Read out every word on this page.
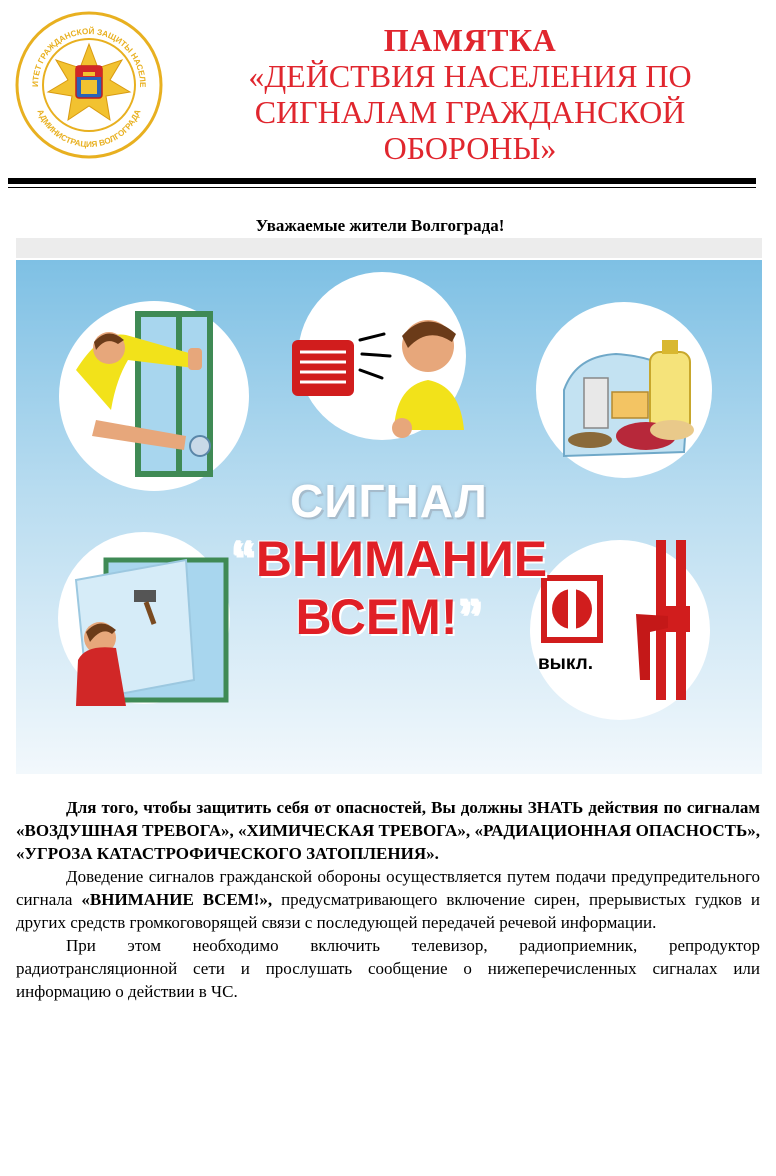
ИТЕТ ГРАЖДАНСКОЙ ЗАЩИТЫ НАСЕЛЕ
АДМИНИСТРАЦИЯ ВОЛГОГРАДА
ПАМЯТКА
«ДЕЙСТВИЯ НАСЕЛЕНИЯ ПО
СИГНАЛАМ ГРАЖДАНСКОЙ
ОБОРОНЫ»
Уважаемые жители Волгограда!
СИГНАЛ
“ВНИМАНИЕ
ВСЕМ!”
выкл.

Для того, чтобы защитить себя от опасностей, Вы должны ЗНАТЬ действия по сигналам «ВОЗДУШНАЯ ТРЕВОГА», «ХИМИЧЕСКАЯ ТРЕВОГА», «РАДИАЦИОННАЯ ОПАСНОСТЬ», «УГРОЗА КАТАСТРОФИЧЕСКОГО ЗАТОПЛЕНИЯ».

Доведение сигналов гражданской обороны осуществляется путем подачи предупредительного сигнала «ВНИМАНИЕ ВСЕМ!», предусматривающего включение сирен, прерывистых гудков и других средств громкоговорящей связи с последующей передачей речевой информации.

При этом необходимо включить телевизор, радиоприемник, репродуктор радиотрансляционной сети и прослушать сообщение о нижеперечисленных сигналах или информацию о действии в ЧС.
